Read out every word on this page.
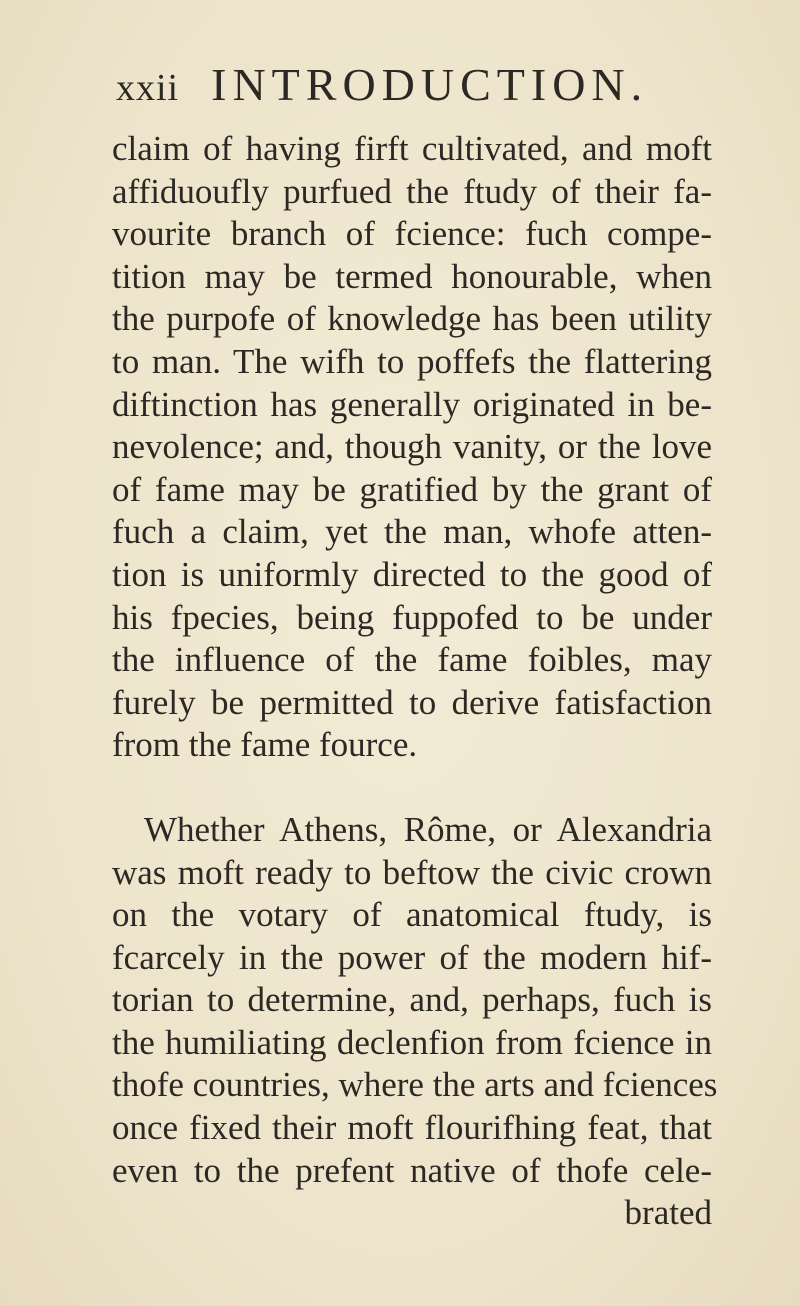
xxii INTRODUCTION.
claim of having firft cultivated, and moft
affiduoufly purfued the ftudy of their fa-
vourite branch of fcience: fuch compe-
tition may be termed honourable, when
the purpofe of knowledge has been utility
to man. The wifh to poffefs the flattering
diftinction has generally originated in be-
nevolence; and, though vanity, or the love
of fame may be gratified by the grant of
fuch a claim, yet the man, whofe atten-
tion is uniformly directed to the good of
his fpecies, being fuppofed to be under
the influence of the fame foibles, may
furely be permitted to derive fatisfaction
from the fame fource.
Whether Athens, Rôme, or Alexandria
was moft ready to beftow the civic crown
on the votary of anatomical ftudy, is
fcarcely in the power of the modern hif-
torian to determine, and, perhaps, fuch is
the humiliating declenfion from fcience in
thofe countries, where the arts and fciences
once fixed their moft flourifhing feat, that
even to the prefent native of thofe cele-
brated
